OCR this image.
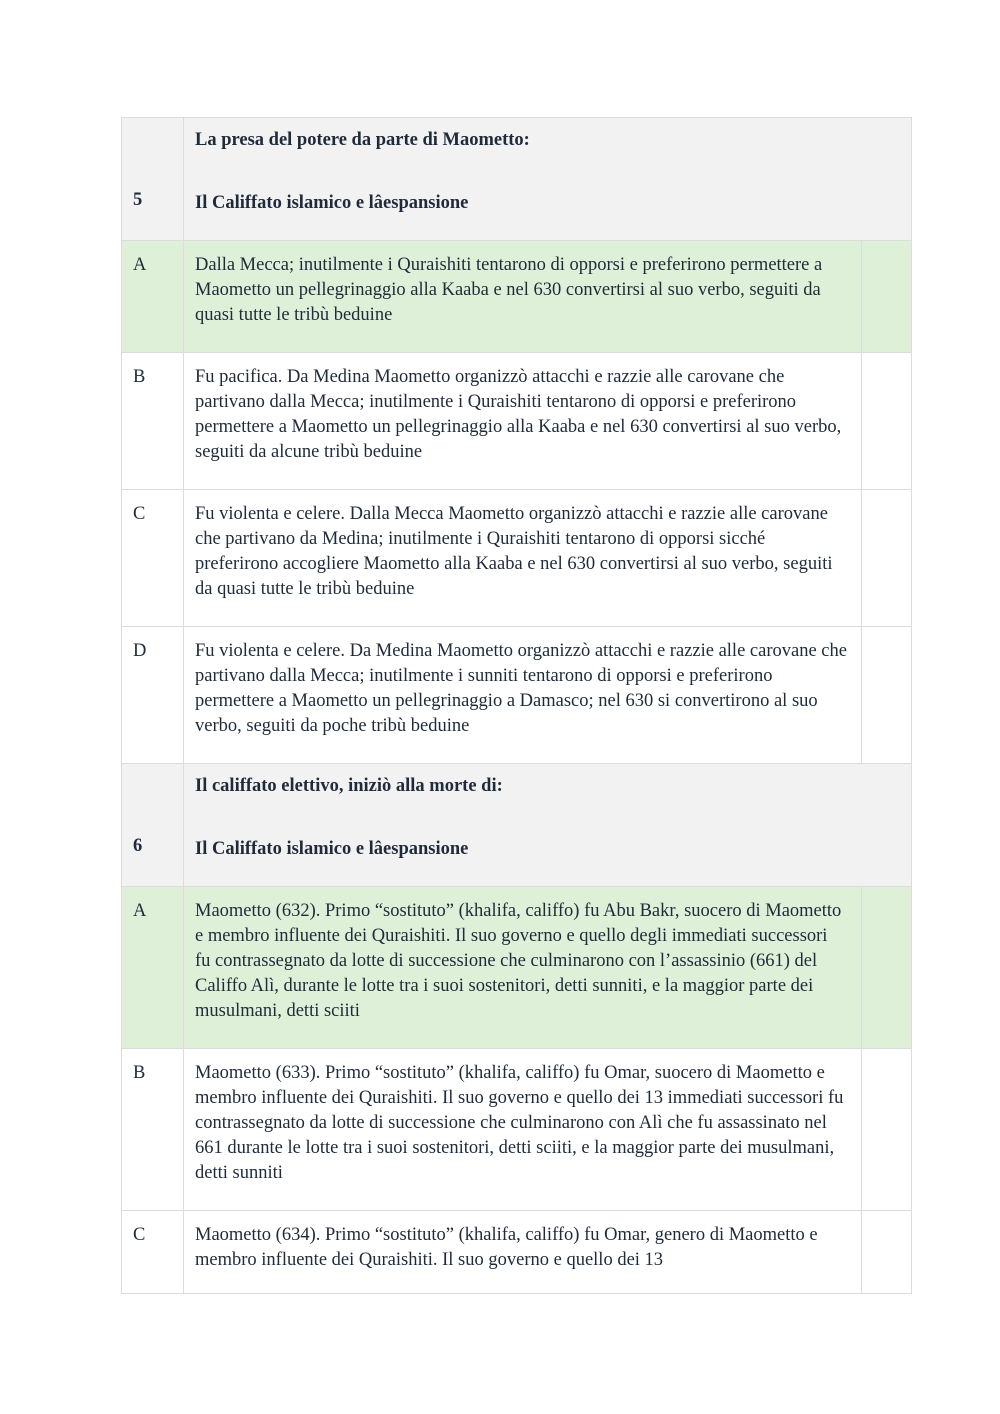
5	La presa del potere da parte di Maometto:
Il Califfato islamico e lâespansione	
A	Dalla Mecca; inutilmente i Quraishiti tentarono di opporsi e preferirono permettere a Maometto un pellegrinaggio alla Kaaba e nel 630 convertirsi al suo verbo, seguiti da quasi tutte le tribù beduine	
B	Fu pacifica. Da Medina Maometto organizzò attacchi e razzie alle carovane che partivano dalla Mecca; inutilmente i Quraishiti tentarono di opporsi e preferirono permettere a Maometto un pellegrinaggio alla Kaaba e nel 630 convertirsi al suo verbo, seguiti da alcune tribù beduine	
C	Fu violenta e celere. Dalla Mecca Maometto organizzò attacchi e razzie alle carovane che partivano da Medina; inutilmente i Quraishiti tentarono di opporsi sicché preferirono accogliere Maometto alla Kaaba e nel 630 convertirsi al suo verbo, seguiti da quasi tutte le tribù beduine	
D	Fu violenta e celere. Da Medina Maometto organizzò attacchi e razzie alle carovane che partivano dalla Mecca; inutilmente i sunniti tentarono di opporsi e preferirono permettere a Maometto un pellegrinaggio a Damasco; nel 630 si convertirono al suo verbo, seguiti da poche tribù beduine	
6	Il califfato elettivo, iniziò alla morte di:
Il Califfato islamico e lâespansione	
A	Maometto (632). Primo “sostituto” (khalifa, califfo) fu Abu Bakr, suocero di Maometto e membro influente dei Quraishiti. Il suo governo e quello degli immediati successori fu contrassegnato da lotte di successione che culminarono con l’assassinio (661) del Califfo Alì, durante le lotte tra i suoi sostenitori, detti sunniti, e la maggior parte dei musulmani, detti sciiti	
B	Maometto (633). Primo “sostituto” (khalifa, califfo) fu Omar, suocero di Maometto e membro influente dei Quraishiti. Il suo governo e quello dei 13 immediati successori fu contrassegnato da lotte di successione che culminarono con Alì che fu assassinato nel 661 durante le lotte tra i suoi sostenitori, detti sciiti, e la maggior parte dei musulmani, detti sunniti	
C	Maometto (634). Primo “sostituto” (khalifa, califfo) fu Omar, genero di Maometto e membro influente dei Quraishiti. Il suo governo e quello dei 13	
